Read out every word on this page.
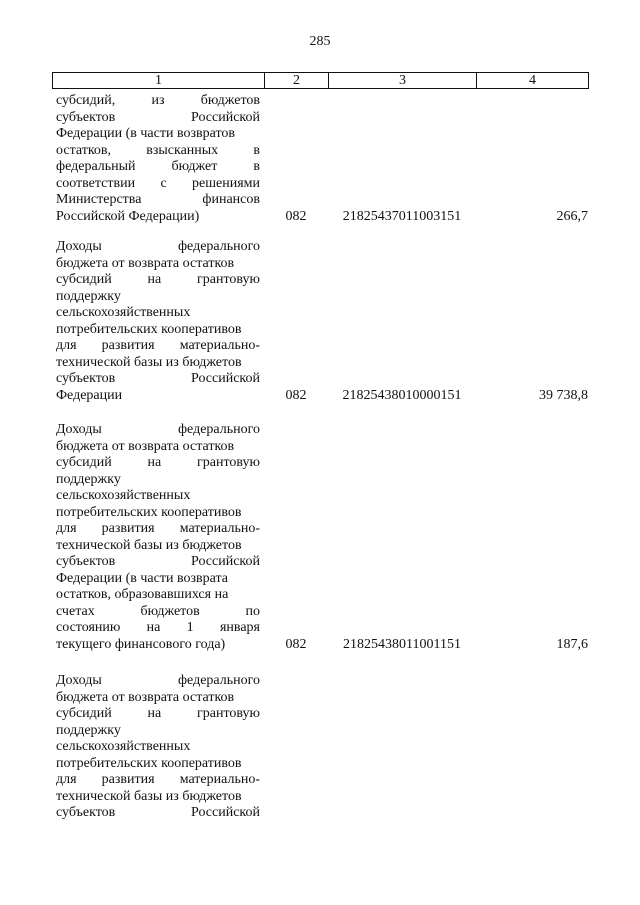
285
1	2	3	4
субсидий,	из	бюджетов
субъектов	Российской
Федерации (в части возвратов
остатков,	взысканных	в
федеральный	бюджет	в
соответствии с решениями
Министерства	финансов
Российской Федерации)	082	21825437011003151	266,7
Доходы	федерального
бюджета от возврата остатков
субсидий	на	грантовую
поддержку
сельскохозяйственных
потребительских кооперативов
для развития материально-
технической базы из бюджетов
субъектов	Российской
Федерации	082	21825438010000151	39 738,8
Доходы	федерального
бюджета от возврата остатков
субсидий	на	грантовую
поддержку
сельскохозяйственных
потребительских кооперативов
для развития материально-
технической базы из бюджетов
субъектов	Российской
Федерации (в части возврата
остатков, образовавшихся на
счетах	бюджетов	по
состоянию на 1 января
текущего финансового года)	082	21825438011001151	187,6
Доходы	федерального
бюджета от возврата остатков
субсидий	на	грантовую
поддержку
сельскохозяйственных
потребительских кооперативов
для развития материально-
технической базы из бюджетов
субъектов	Российской
